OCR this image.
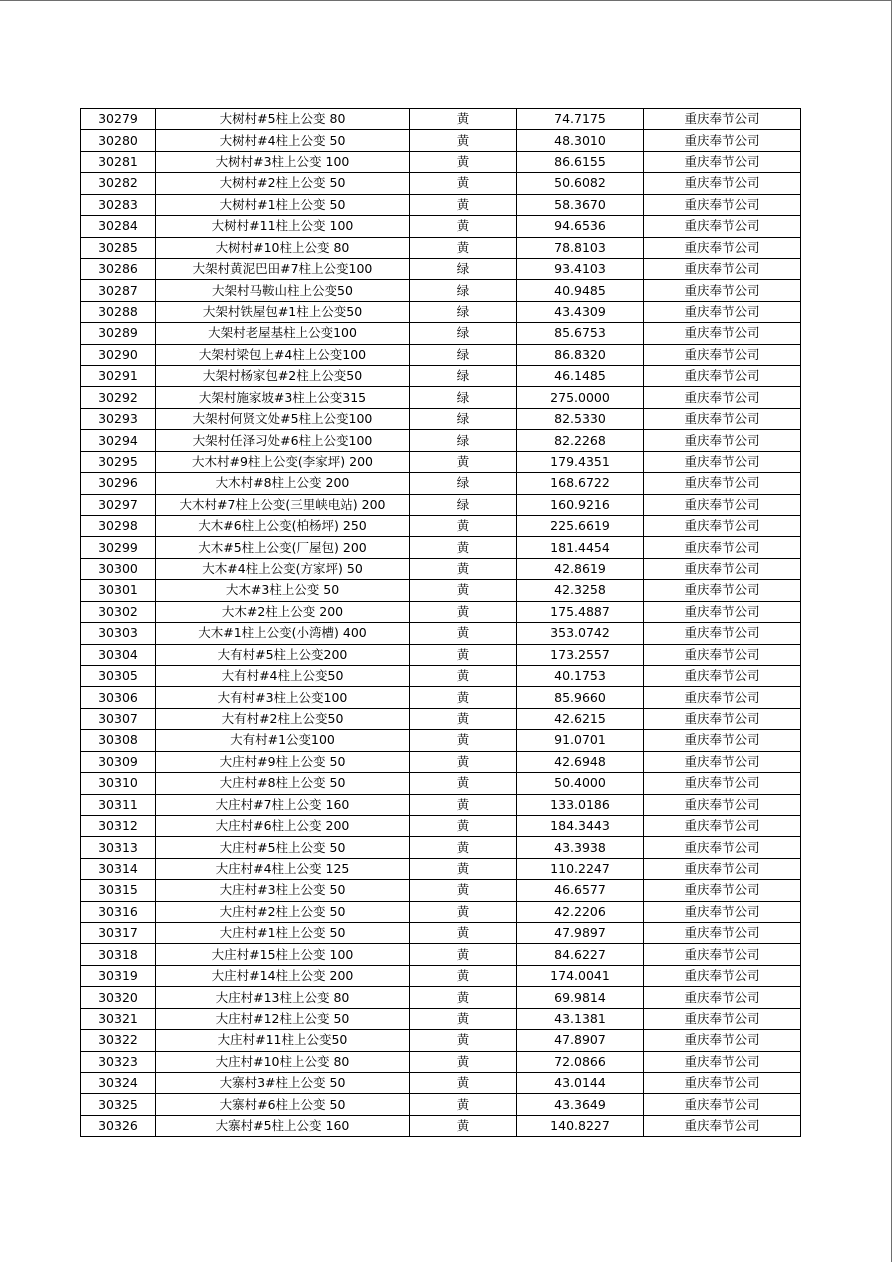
30279	大树村#5柱上公变 80	黄	74.7175	重庆奉节公司
30280	大树村#4柱上公变 50	黄	48.3010	重庆奉节公司
30281	大树村#3柱上公变 100	黄	86.6155	重庆奉节公司
30282	大树村#2柱上公变 50	黄	50.6082	重庆奉节公司
30283	大树村#1柱上公变 50	黄	58.3670	重庆奉节公司
30284	大树村#11柱上公变 100	黄	94.6536	重庆奉节公司
30285	大树村#10柱上公变 80	黄	78.8103	重庆奉节公司
30286	大架村黄泥巴田#7柱上公变100	绿	93.4103	重庆奉节公司
30287	大架村马鞍山柱上公变50	绿	40.9485	重庆奉节公司
30288	大架村铁屋包#1柱上公变50	绿	43.4309	重庆奉节公司
30289	大架村老屋基柱上公变100	绿	85.6753	重庆奉节公司
30290	大架村梁包上#4柱上公变100	绿	86.8320	重庆奉节公司
30291	大架村杨家包#2柱上公变50	绿	46.1485	重庆奉节公司
30292	大架村施家坡#3柱上公变315	绿	275.0000	重庆奉节公司
30293	大架村何贤文处#5柱上公变100	绿	82.5330	重庆奉节公司
30294	大架村任泽习处#6柱上公变100	绿	82.2268	重庆奉节公司
30295	大木村#9柱上公变(李家坪) 200	黄	179.4351	重庆奉节公司
30296	大木村#8柱上公变 200	绿	168.6722	重庆奉节公司
30297	大木村#7柱上公变(三里峡电站) 200	绿	160.9216	重庆奉节公司
30298	大木#6柱上公变(柏杨坪) 250	黄	225.6619	重庆奉节公司
30299	大木#5柱上公变(厂屋包) 200	黄	181.4454	重庆奉节公司
30300	大木#4柱上公变(方家坪) 50	黄	42.8619	重庆奉节公司
30301	大木#3柱上公变 50	黄	42.3258	重庆奉节公司
30302	大木#2柱上公变 200	黄	175.4887	重庆奉节公司
30303	大木#1柱上公变(小湾槽) 400	黄	353.0742	重庆奉节公司
30304	大有村#5柱上公变200	黄	173.2557	重庆奉节公司
30305	大有村#4柱上公变50	黄	40.1753	重庆奉节公司
30306	大有村#3柱上公变100	黄	85.9660	重庆奉节公司
30307	大有村#2柱上公变50	黄	42.6215	重庆奉节公司
30308	大有村#1公变100	黄	91.0701	重庆奉节公司
30309	大庄村#9柱上公变 50	黄	42.6948	重庆奉节公司
30310	大庄村#8柱上公变 50	黄	50.4000	重庆奉节公司
30311	大庄村#7柱上公变 160	黄	133.0186	重庆奉节公司
30312	大庄村#6柱上公变 200	黄	184.3443	重庆奉节公司
30313	大庄村#5柱上公变 50	黄	43.3938	重庆奉节公司
30314	大庄村#4柱上公变 125	黄	110.2247	重庆奉节公司
30315	大庄村#3柱上公变 50	黄	46.6577	重庆奉节公司
30316	大庄村#2柱上公变 50	黄	42.2206	重庆奉节公司
30317	大庄村#1柱上公变 50	黄	47.9897	重庆奉节公司
30318	大庄村#15柱上公变 100	黄	84.6227	重庆奉节公司
30319	大庄村#14柱上公变 200	黄	174.0041	重庆奉节公司
30320	大庄村#13柱上公变 80	黄	69.9814	重庆奉节公司
30321	大庄村#12柱上公变 50	黄	43.1381	重庆奉节公司
30322	大庄村#11柱上公变50	黄	47.8907	重庆奉节公司
30323	大庄村#10柱上公变 80	黄	72.0866	重庆奉节公司
30324	大寨村3#柱上公变 50	黄	43.0144	重庆奉节公司
30325	大寨村#6柱上公变 50	黄	43.3649	重庆奉节公司
30326	大寨村#5柱上公变 160	黄	140.8227	重庆奉节公司
